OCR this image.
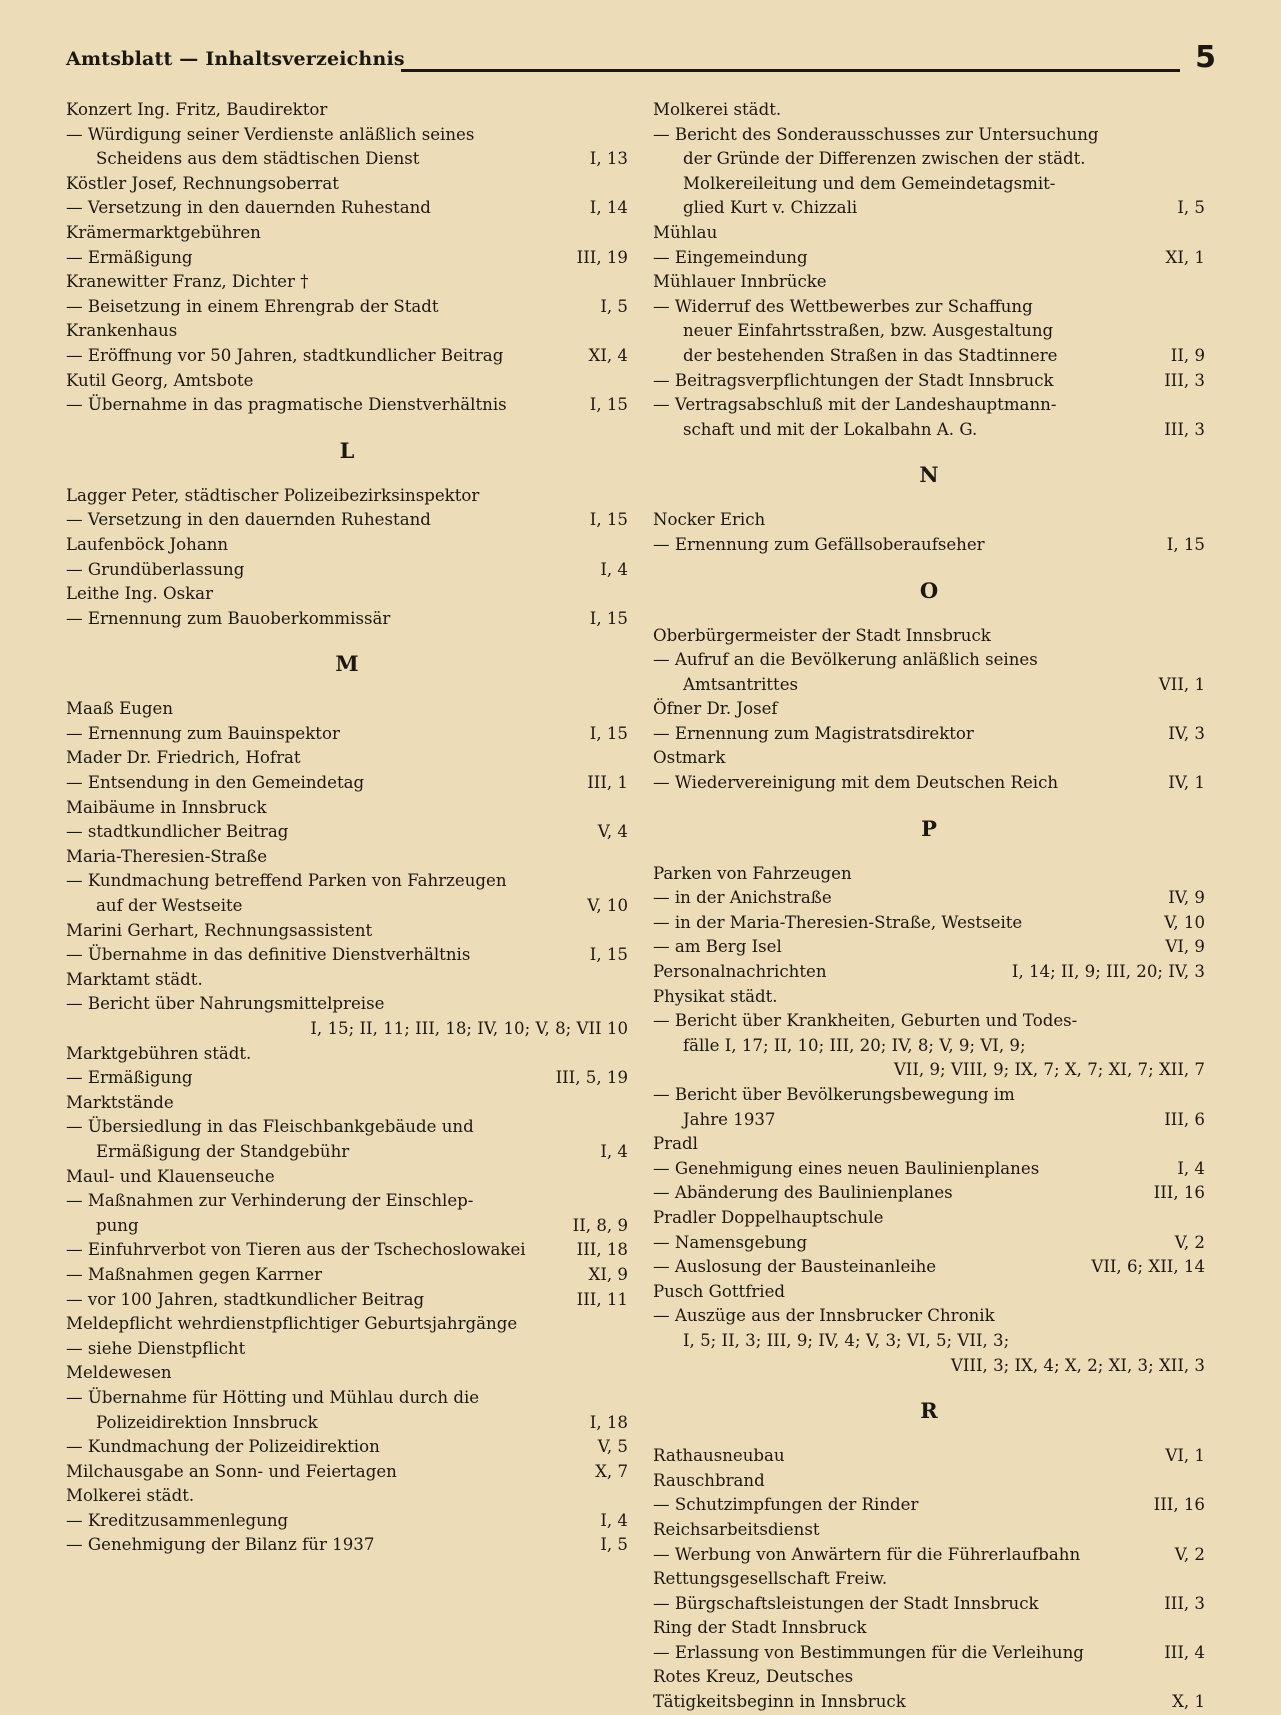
Amtsblatt — Inhaltsverzeichnis	5
Konzert Ing. Fritz, Baudirektor
— Würdigung seiner Verdienste anläßlich seines
Scheidens aus dem städtischen Dienst	I, 13
Köstler Josef, Rechnungsoberrat
— Versetzung in den dauernden Ruhestand	I, 14
Krämermarktgebühren
— Ermäßigung	III, 19
Kranewitter Franz, Dichter †
— Beisetzung in einem Ehrengrab der Stadt	I, 5
Krankenhaus
— Eröffnung vor 50 Jahren, stadtkundlicher Beitrag	XI, 4
Kutil Georg, Amtsbote
— Übernahme in das pragmatische Dienstverhältnis	I, 15
L
Lagger Peter, städtischer Polizeibezirksinspektor
— Versetzung in den dauernden Ruhestand	I, 15
Laufenböck Johann
— Grundüberlassung	I, 4
Leithe Ing. Oskar
— Ernennung zum Bauoberkommissär	I, 15
M
Maaß Eugen
— Ernennung zum Bauinspektor	I, 15
Mader Dr. Friedrich, Hofrat
— Entsendung in den Gemeindetag	III, 1
Maibäume in Innsbruck
— stadtkundlicher Beitrag	V, 4
Maria-Theresien-Straße
— Kundmachung betreffend Parken von Fahrzeugen
auf der Westseite	V, 10
Marini Gerhart, Rechnungsassistent
— Übernahme in das definitive Dienstverhältnis	I, 15
Marktamt städt.
— Bericht über Nahrungsmittelpreise
I, 15; II, 11; III, 18; IV, 10; V, 8; VII 10
Marktgebühren städt.
— Ermäßigung	III, 5, 19
Marktstände
— Übersiedlung in das Fleischbankgebäude und
Ermäßigung der Standgebühr	I, 4
Maul- und Klauenseuche
— Maßnahmen zur Verhinderung der Einschlep-
pung	II, 8, 9
— Einfuhrverbot von Tieren aus der Tschechoslowakei	III, 18
— Maßnahmen gegen Karrner	XI, 9
— vor 100 Jahren, stadtkundlicher Beitrag	III, 11
Meldepflicht wehrdienstpflichtiger Geburtsjahrgänge
— siehe Dienstpflicht
Meldewesen
— Übernahme für Hötting und Mühlau durch die
Polizeidirektion Innsbruck	I, 18
— Kundmachung der Polizeidirektion	V, 5
Milchausgabe an Sonn- und Feiertagen	X, 7
Molkerei städt.
— Kreditzusammenlegung	I, 4
— Genehmigung der Bilanz für 1937	I, 5
Molkerei städt.
— Bericht des Sonderausschusses zur Untersuchung
der Gründe der Differenzen zwischen der städt.
Molkereileitung und dem Gemeindetagsmit-
glied Kurt v. Chizzali	I, 5
Mühlau
— Eingemeindung	XI, 1
Mühlauer Innbrücke
— Widerruf des Wettbewerbes zur Schaffung
neuer Einfahrtsstraßen, bzw. Ausgestaltung
der bestehenden Straßen in das Stadtinnere	II, 9
— Beitragsverpflichtungen der Stadt Innsbruck	III, 3
— Vertragsabschluß mit der Landeshauptmann-
schaft und mit der Lokalbahn A. G.	III, 3
N
Nocker Erich
— Ernennung zum Gefällsoberaufseher	I, 15
O
Oberbürgermeister der Stadt Innsbruck
— Aufruf an die Bevölkerung anläßlich seines
Amtsantrittes	VII, 1
Öfner Dr. Josef
— Ernennung zum Magistratsdirektor	IV, 3
Ostmark
— Wiedervereinigung mit dem Deutschen Reich	IV, 1
P
Parken von Fahrzeugen
— in der Anichstraße	IV, 9
— in der Maria-Theresien-Straße, Westseite	V, 10
— am Berg Isel	VI, 9
Personalnachrichten	I, 14; II, 9; III, 20; IV, 3
Physikat städt.
— Bericht über Krankheiten, Geburten und Todes-
fälle I, 17; II, 10; III, 20; IV, 8; V, 9; VI, 9;
VII, 9; VIII, 9; IX, 7; X, 7; XI, 7; XII, 7
— Bericht über Bevölkerungsbewegung im
Jahre 1937	III, 6
Pradl
— Genehmigung eines neuen Baulinienplanes	I, 4
— Abänderung des Baulinienplanes	III, 16
Pradler Doppelhauptschule
— Namensgebung	V, 2
— Auslosung der Bausteinanleihe	VII, 6; XII, 14
Pusch Gottfried
— Auszüge aus der Innsbrucker Chronik
I, 5; II, 3; III, 9; IV, 4; V, 3; VI, 5; VII, 3;
VIII, 3; IX, 4; X, 2; XI, 3; XII, 3
R
Rathausneubau	VI, 1
Rauschbrand
— Schutzimpfungen der Rinder	III, 16
Reichsarbeitsdienst
— Werbung von Anwärtern für die Führerlaufbahn	V, 2
Rettungsgesellschaft Freiw.
— Bürgschaftsleistungen der Stadt Innsbruck	III, 3
Ring der Stadt Innsbruck
— Erlassung von Bestimmungen für die Verleihung	III, 4
Rotes Kreuz, Deutsches
Tätigkeitsbeginn in Innsbruck	X, 1
